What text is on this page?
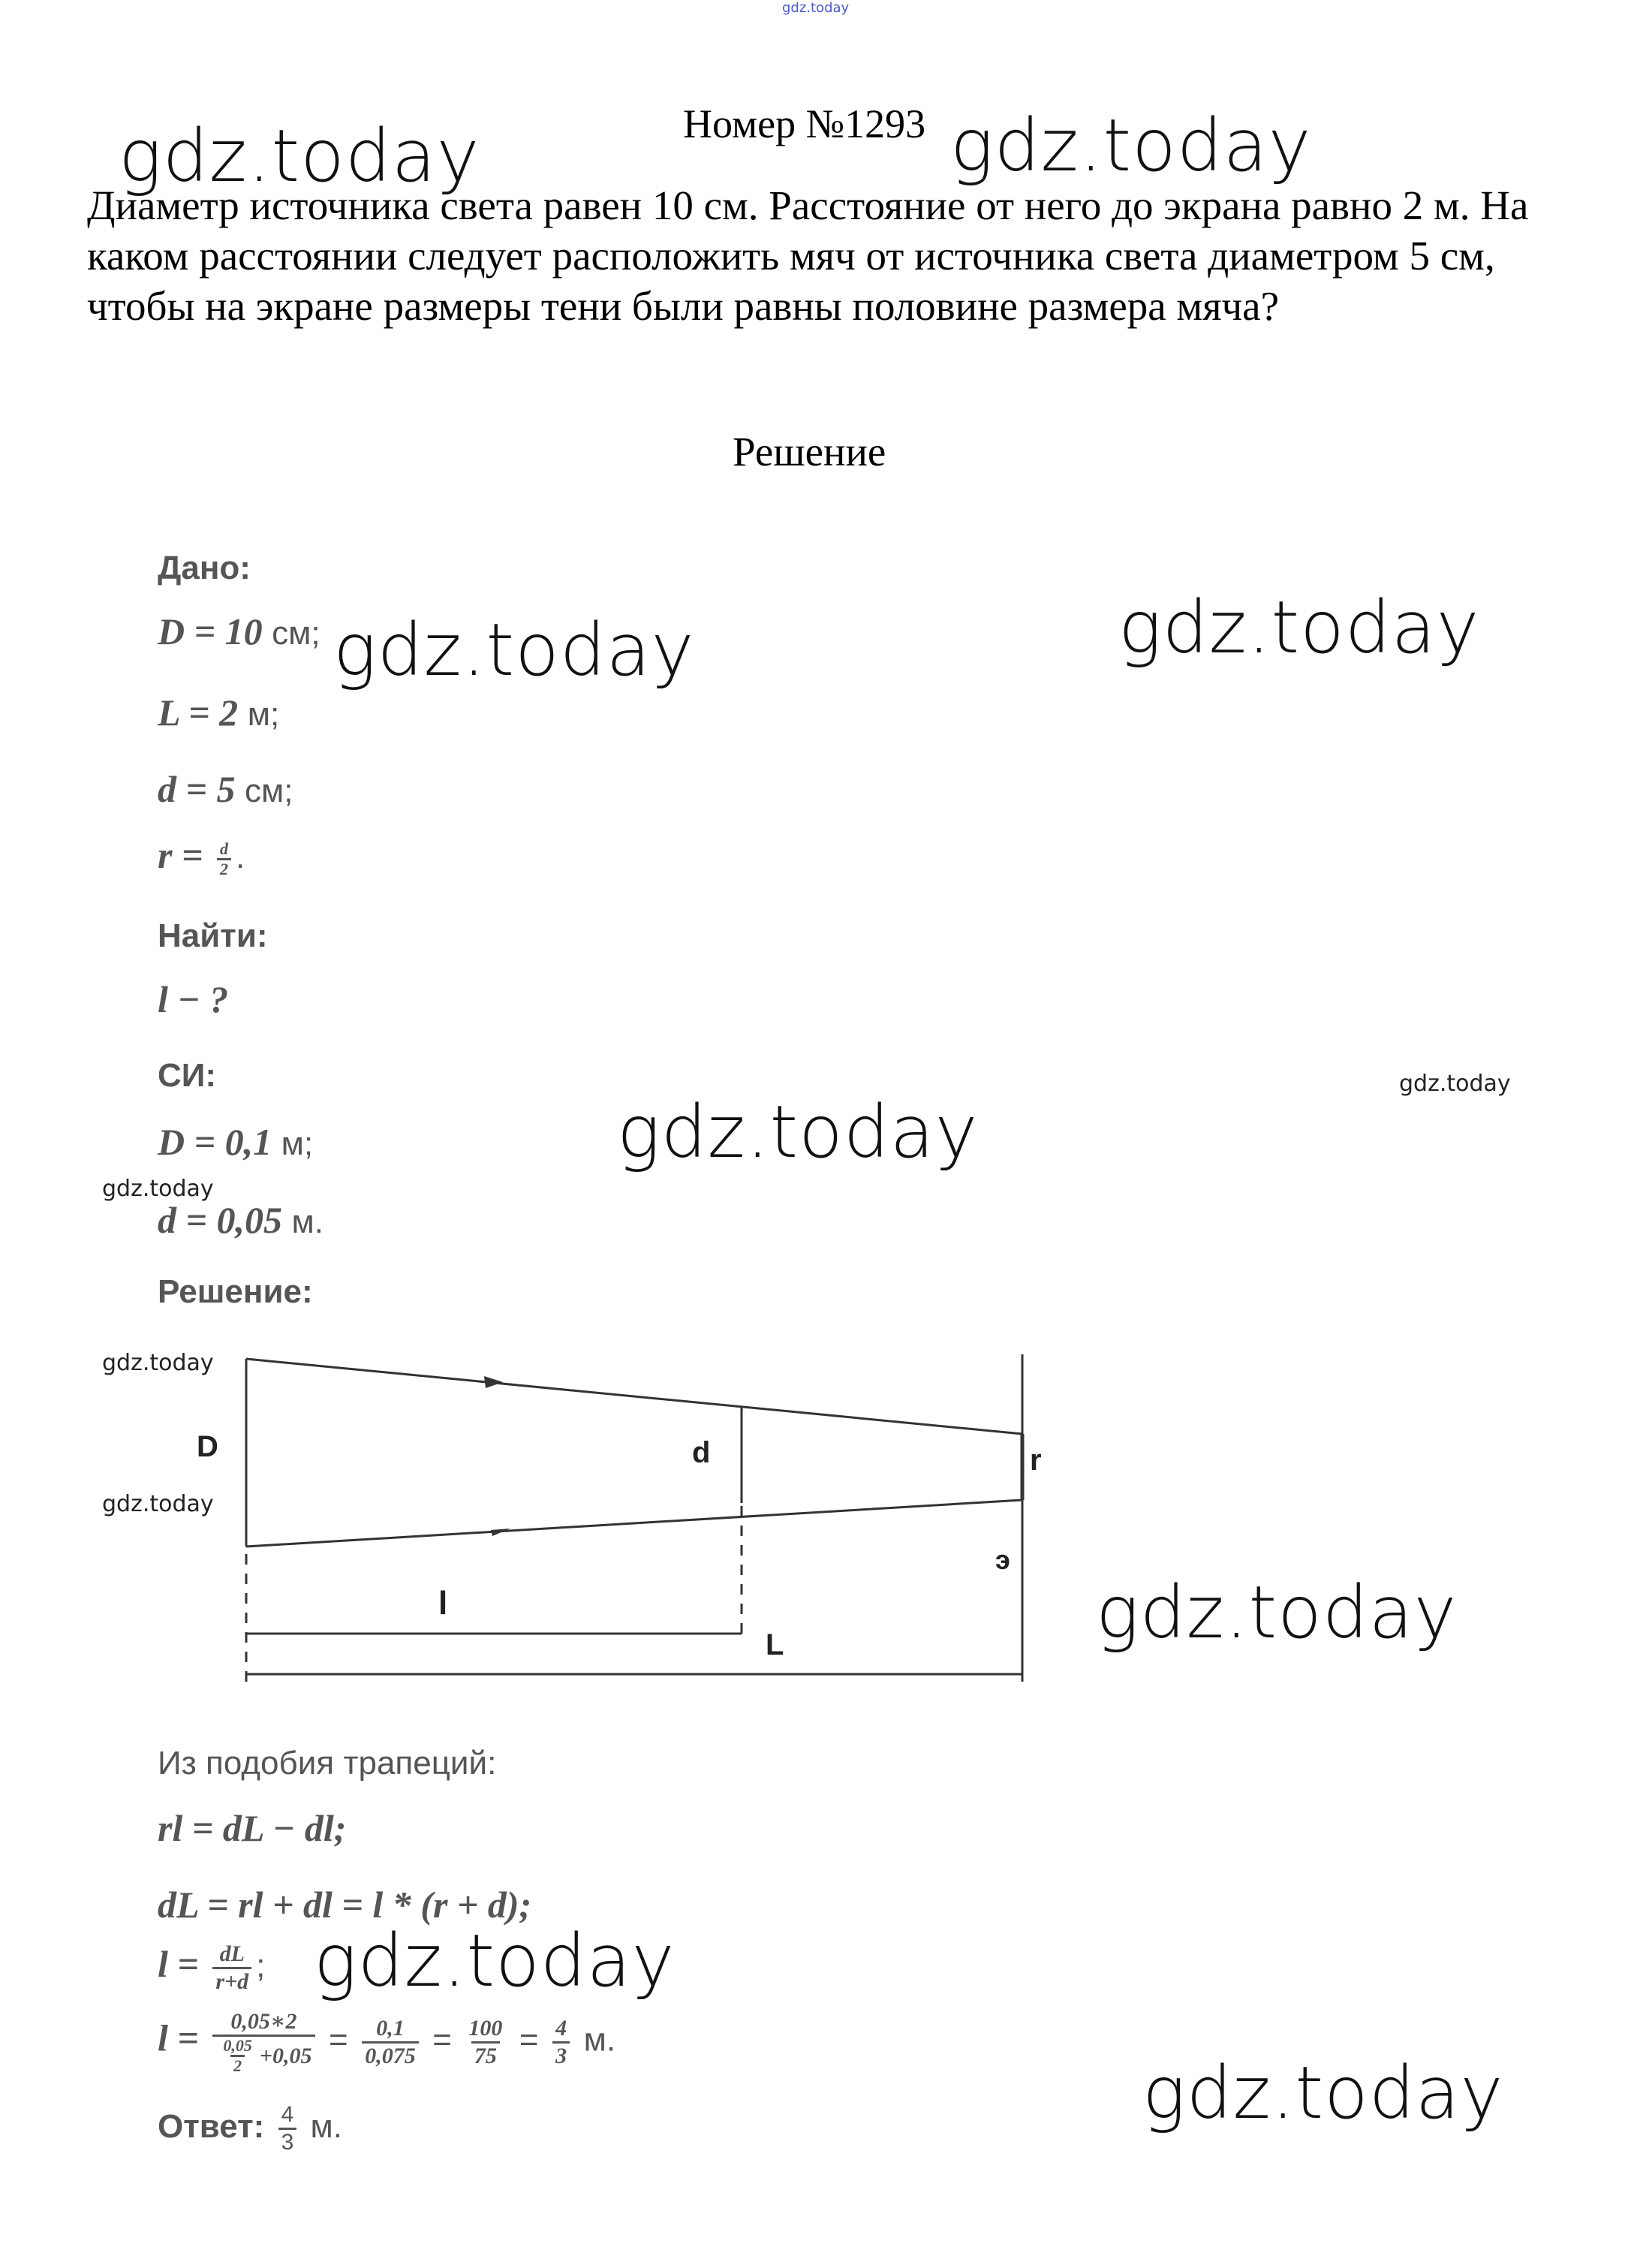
gdz.today
Номер №1293
gdz.today	gdz.today
Диаметр источника света равен 10 см. Расстояние от него до экрана равно 2 м. На каком расстоянии следует расположить мяч от источника света диаметром 5 см, чтобы на экране размеры тени были равны половине размера мяча?
Решение
Дано:
D = 10 см; gdz.today	gdz.today
L = 2 м;
d = 5 см;
$r = \frac{d}{2}$ .
Найти:
l − ?
СИ:	gdz.today
D = 0,1 м;	gdz.today
gdz.today
d = 0,05 м.
Решение:
gdz.today
gdz.today
D	d	r
э
l
L	gdz.today
Из подобия трапеций:
rl = dL − dl;
dL = rl + dl = l * (r + d);
$l = \frac{dL}{r+d}$ ; gdz.today
$l = \frac{0,05∗2}{\frac{0,05}{2} +0,05} = \frac{0,1}{0,075} = \frac{100}{75} = \frac{4}{3} м$.
Ответ: $\frac{4}{3} м$.	gdz.today
